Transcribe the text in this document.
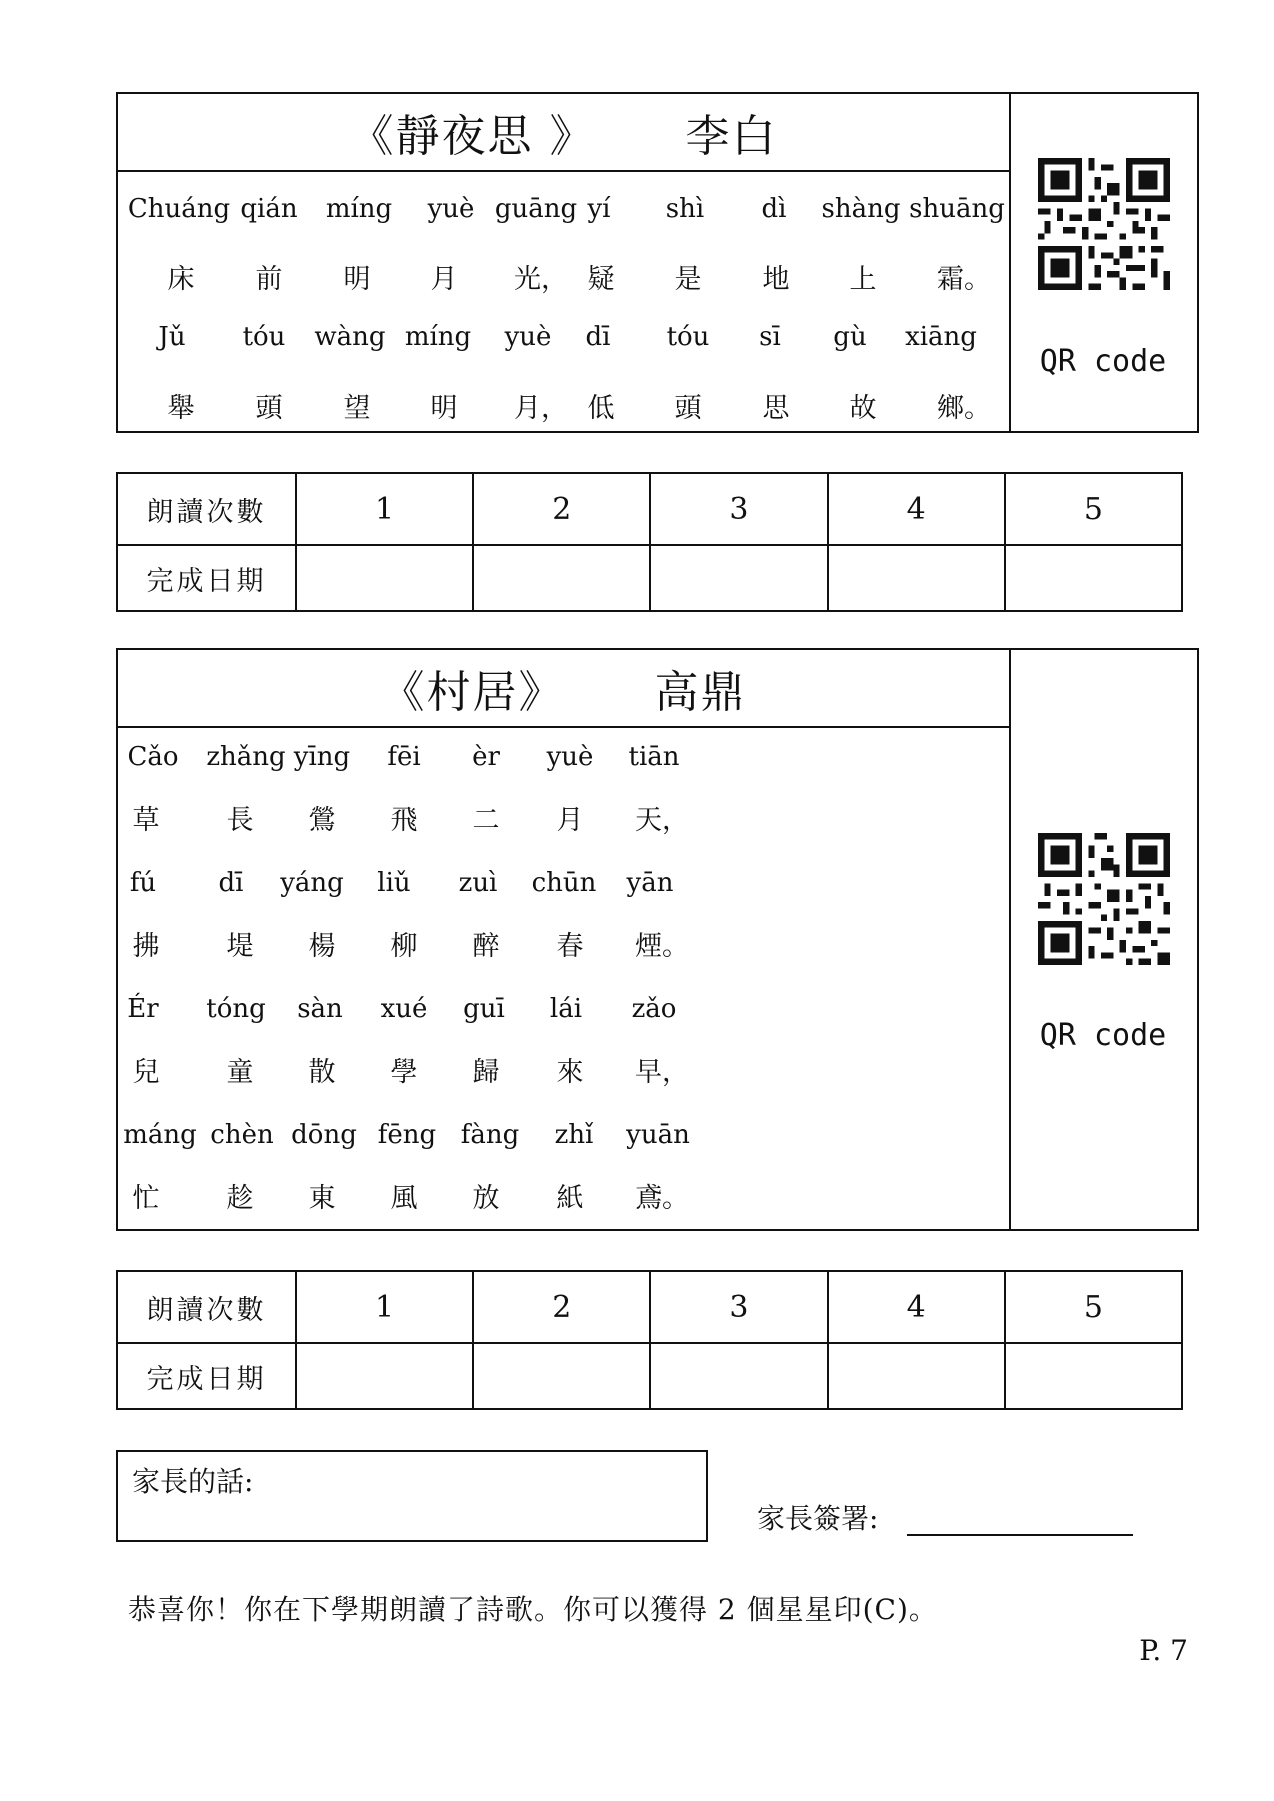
《靜夜思 》 李白
Chuáng qián míng yuè guāng yí shì dì shàng shuāng
床 前 明 月 光， 疑 是 地 上 霜。
Jǔ tóu wàng míng yuè dī tóu sī gù xiāng
舉 頭 望 明 月， 低 頭 思 故 鄉。
QR code
朗讀次數	1	2	3	4	5
完成日期					
《村居》 高鼎
Cǎo zhǎng yīng fēi èr yuè tiān
草 長 鶯 飛 二 月 天，
fú dī yáng liǔ zuì chūn yān
拂 堤 楊 柳 醉 春 煙。
Ér tóng sàn xué guī lái zǎo
兒 童 散 學 歸 來 早，
máng chèn dōng fēng fàng zhǐ yuān
忙 趁 東 風 放 紙 鳶。
QR code
朗讀次數	1	2	3	4	5
完成日期					
家長的話:
家長簽署:
恭喜你！你在下學期朗讀了詩歌。你可以獲得 2 個星星印(C)。
P. 7
